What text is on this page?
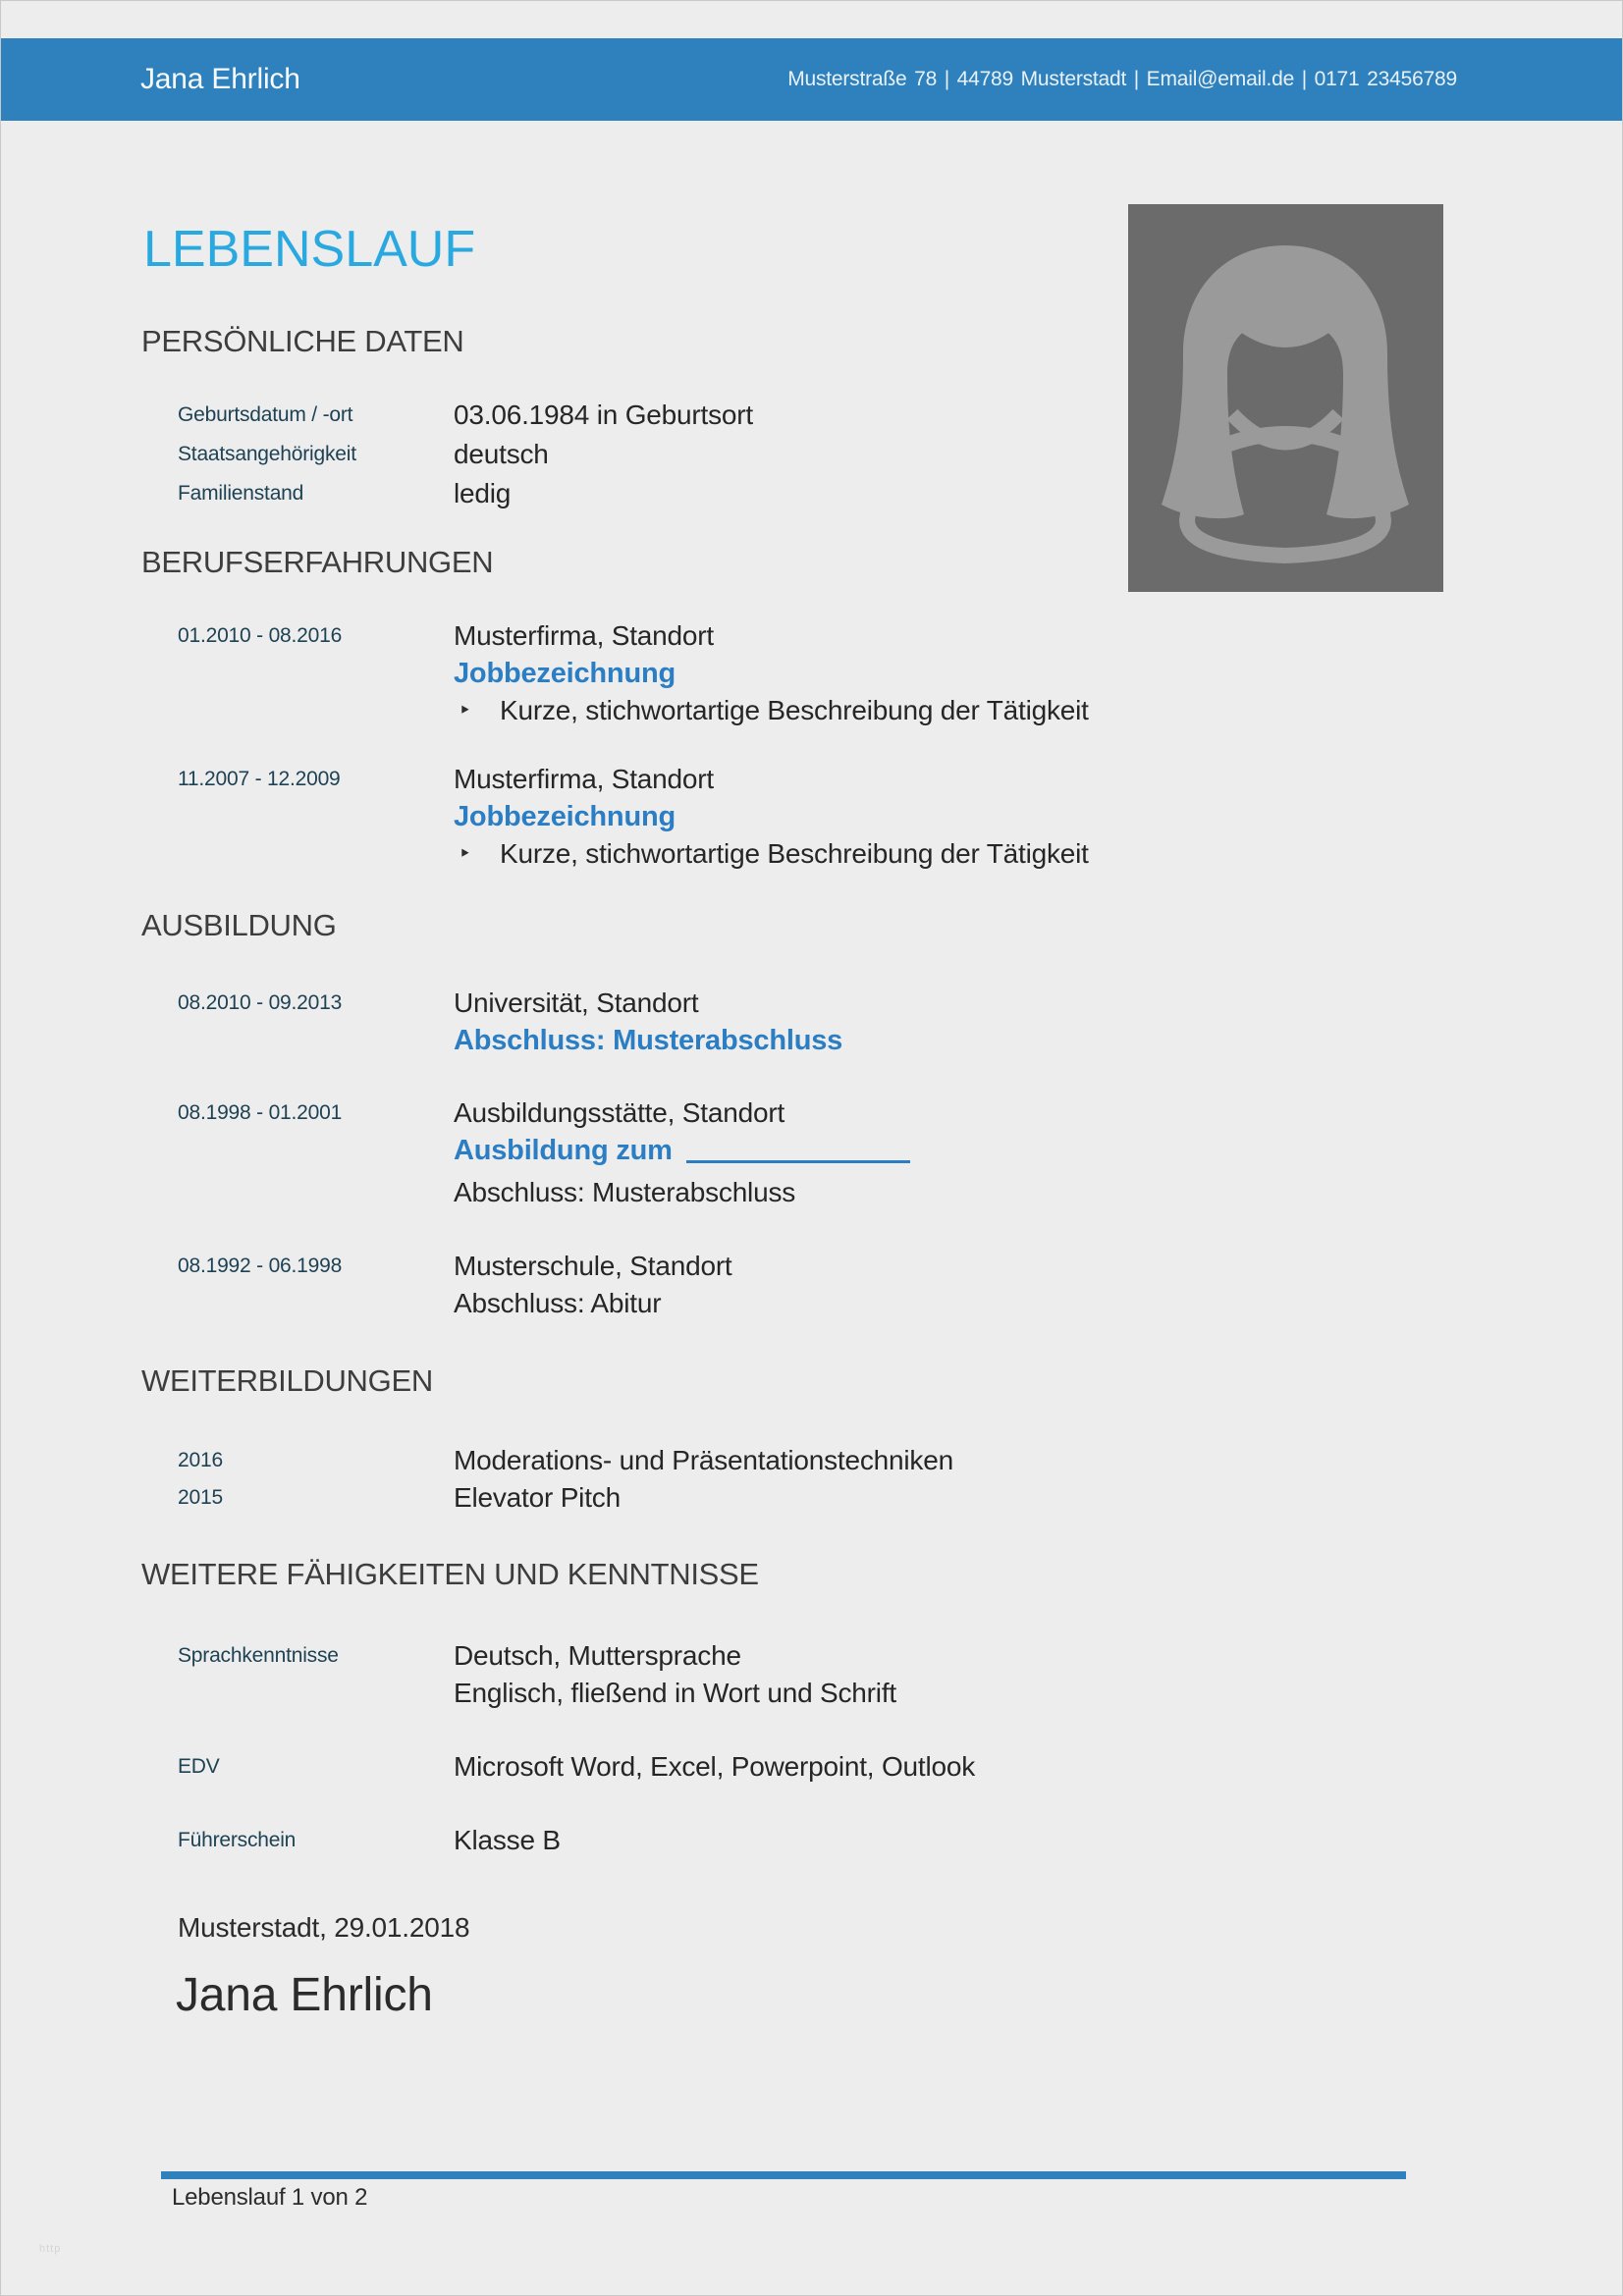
Jana Ehrlich	Musterstraße 78 | 44789 Musterstadt | Email@email.de | 0171 23456789
LEBENSLAUF
PERSÖNLICHE DATEN
Geburtsdatum / -ort	03.06.1984 in Geburtsort
Staatsangehörigkeit	deutsch
Familienstand	ledig
BERUFSERFAHRUNGEN
01.2010 - 08.2016	Musterfirma, Standort
Jobbezeichnung
‣	Kurze, stichwortartige Beschreibung der Tätigkeit
11.2007 - 12.2009	Musterfirma, Standort
Jobbezeichnung
‣	Kurze, stichwortartige Beschreibung der Tätigkeit
AUSBILDUNG
08.2010 - 09.2013	Universität, Standort
Abschluss: Musterabschluss
08.1998 - 01.2001	Ausbildungsstätte, Standort
Ausbildung zum
Abschluss: Musterabschluss
08.1992 - 06.1998	Musterschule, Standort
Abschluss: Abitur
WEITERBILDUNGEN
2016	Moderations- und Präsentationstechniken
2015	Elevator Pitch
WEITERE FÄHIGKEITEN UND KENNTNISSE
Sprachkenntnisse	Deutsch, Muttersprache
Englisch, fließend in Wort und Schrift
EDV	Microsoft Word, Excel, Powerpoint, Outlook
Führerschein	Klasse B
Musterstadt, 29.01.2018
Jana Ehrlich
Lebenslauf 1 von 2
http
